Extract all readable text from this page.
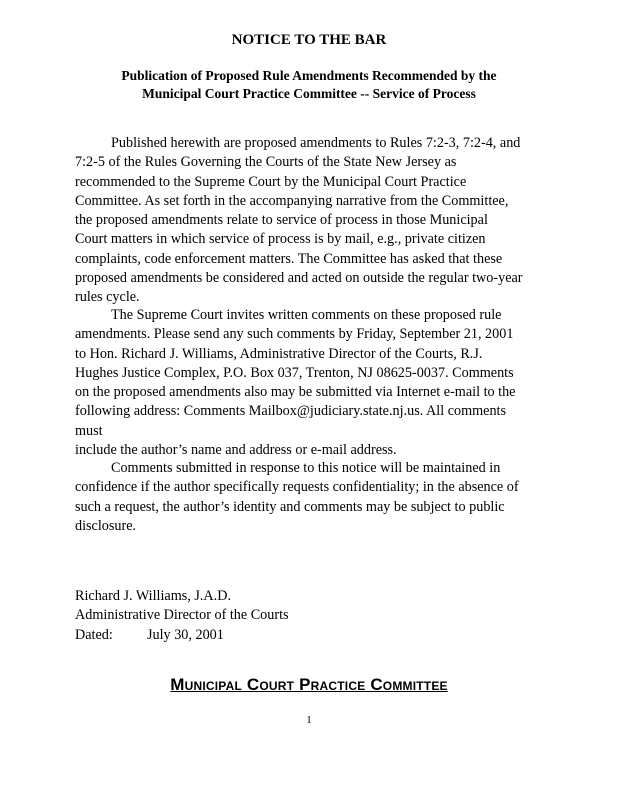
NOTICE TO THE BAR
Publication of Proposed Rule Amendments Recommended by the
Municipal Court Practice Committee -- Service of Process
Published herewith are proposed amendments to Rules 7:2-3, 7:2-4, and
7:2-5 of the Rules Governing the Courts of the State New Jersey as
recommended to the Supreme Court by the Municipal Court Practice
Committee. As set forth in the accompanying narrative from the Committee,
the proposed amendments relate to service of process in those Municipal
Court matters in which service of process is by mail, e.g., private citizen
complaints, code enforcement matters. The Committee has asked that these
proposed amendments be considered and acted on outside the regular two-year
rules cycle.
The Supreme Court invites written comments on these proposed rule
amendments. Please send any such comments by Friday, September 21, 2001
to Hon. Richard J. Williams, Administrative Director of the Courts, R.J.
Hughes Justice Complex, P.O. Box 037, Trenton, NJ 08625-0037. Comments
on the proposed amendments also may be submitted via Internet e-mail to the
following address: Comments Mailbox@judiciary.state.nj.us. All comments
must
include the author’s name and address or e-mail address.
Comments submitted in response to this notice will be maintained in
confidence if the author specifically requests confidentiality; in the absence of
such a request, the author’s identity and comments may be subject to public
disclosure.
Richard J. Williams, J.A.D.
Administrative Director of the Courts
Dated: July 30, 2001
Municipal Court Practice Committee
1
